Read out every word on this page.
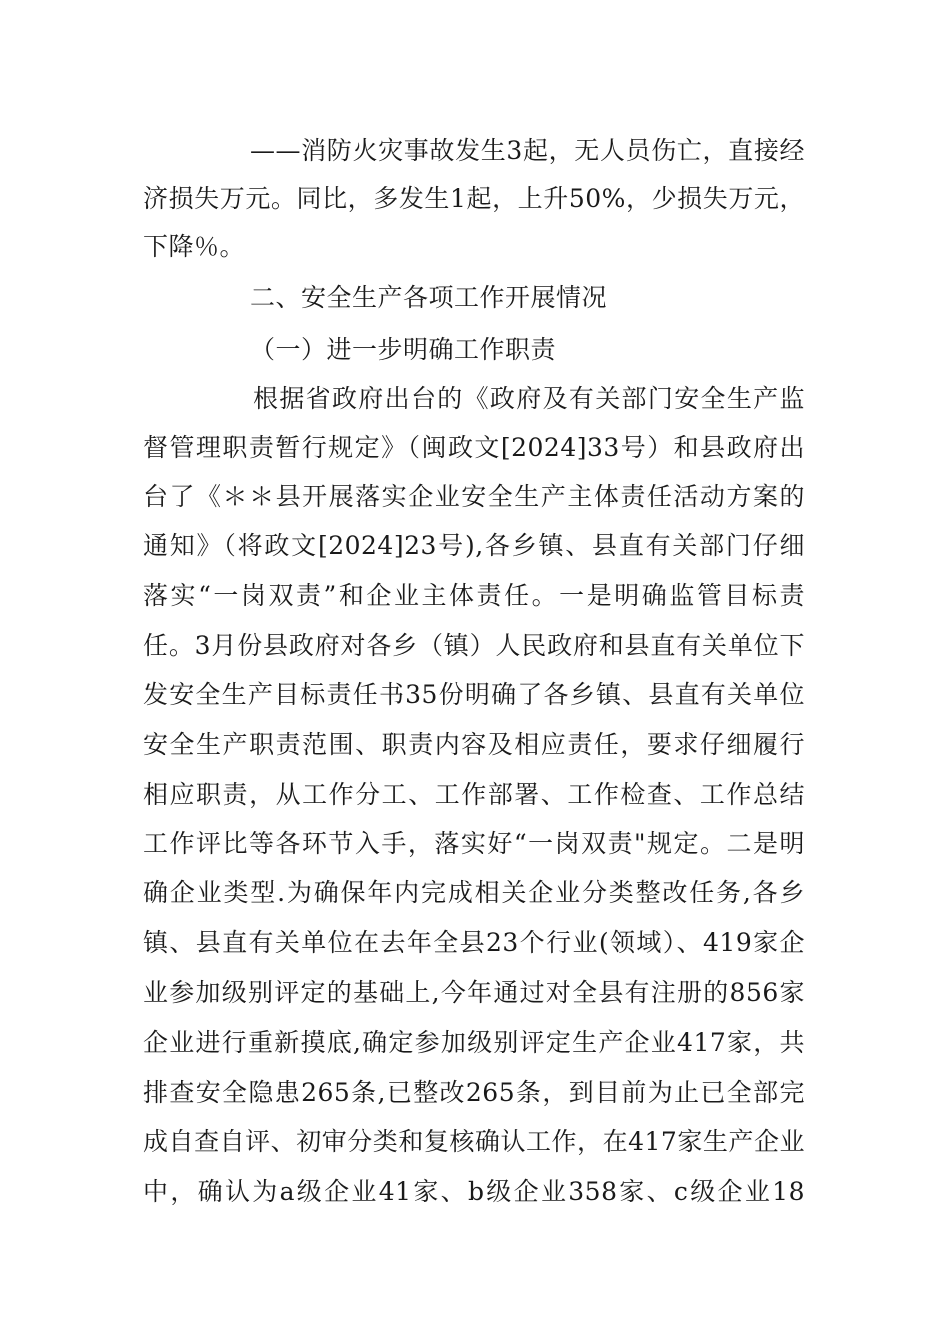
——消防火灾事故发生3起，无人员伤亡，直接经
济损失万元。同比，多发生1起，上升50%，少损失万元，
下降％。
二、安全生产各项工作开展情况
（一）进一步明确工作职责
根据省政府出台的《政府及有关部门安全生产监
督管理职责暂行规定》（闽政文[2024]33号）和县政府出
台了《＊＊县开展落实企业安全生产主体责任活动方案的
通知》（将政文[2024]23号),各乡镇、县直有关部门仔细
落实“一岗双责”和企业主体责任。一是明确监管目标责
任。3月份县政府对各乡（镇）人民政府和县直有关单位下
发安全生产目标责任书35份明确了各乡镇、县直有关单位
安全生产职责范围、职责内容及相应责任，要求仔细履行
相应职责，从工作分工、工作部署、工作检查、工作总结
工作评比等各环节入手，落实好“一岗双责"规定。二是明
确企业类型.为确保年内完成相关企业分类整改任务,各乡
镇、县直有关单位在去年全县23个行业(领域）、419家企
业参加级别评定的基础上,今年通过对全县有注册的856家
企业进行重新摸底,确定参加级别评定生产企业417家，共
排查安全隐患265条,已整改265条，到目前为止已全部完
成自查自评、初审分类和复核确认工作，在417家生产企业
中，确认为a级企业41家、b级企业358家、c级企业18
